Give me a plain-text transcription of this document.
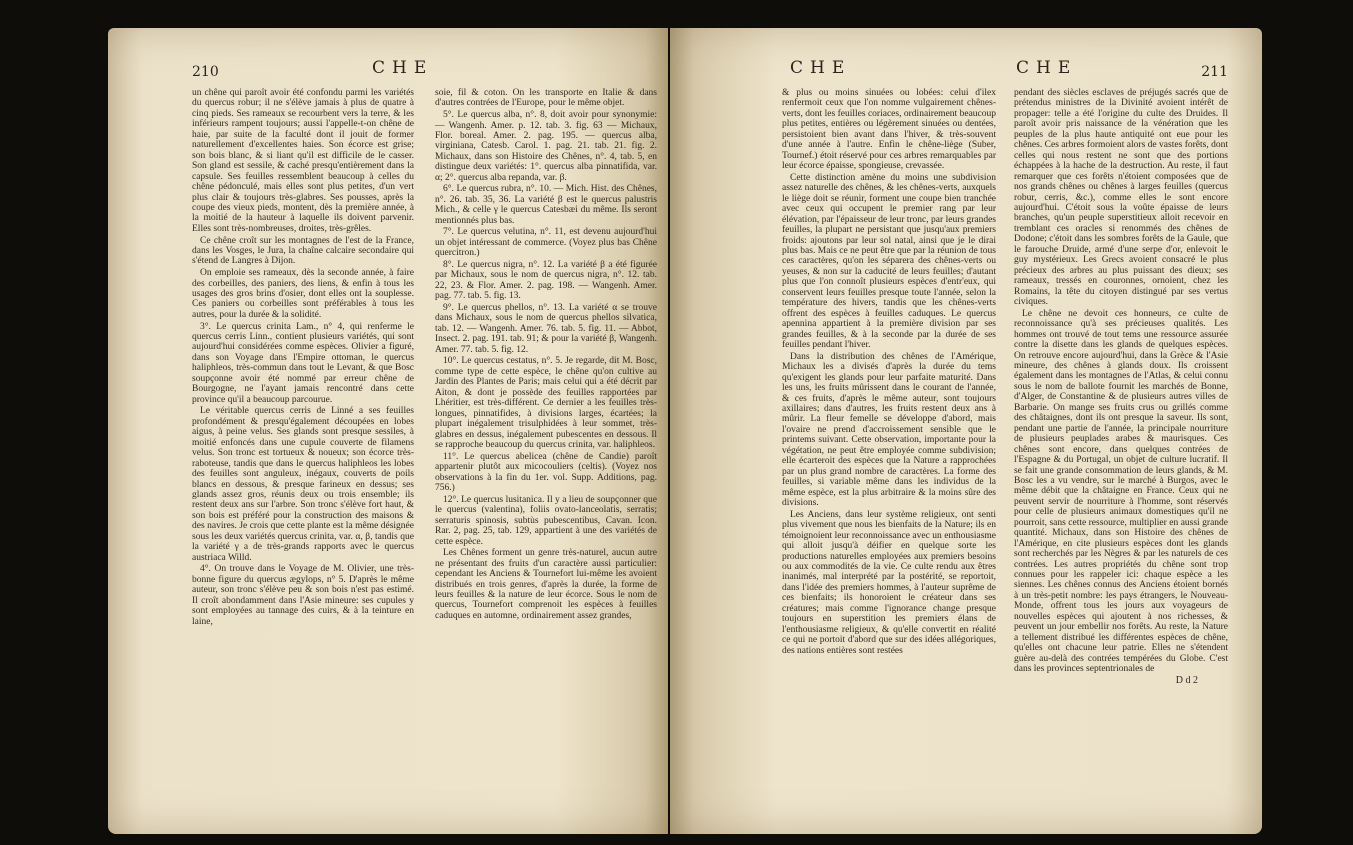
210	CHE

un chêne qui paroît avoir été confondu parmi les variétés du quercus robur; il ne s'élève jamais à plus de quatre à cinq pieds. Ses rameaux se recourbent vers la terre, & les inférieurs rampent toujours; aussi l'appelle-t-on chêne de haie, par suite de la faculté dont il jouit de former naturellement d'excellentes haies. Son écorce est grise; son bois blanc, & si liant qu'il est difficile de le casser. Son gland est sessile, & caché presqu'entièrement dans la capsule. Ses feuilles ressemblent beaucoup à celles du chêne pédonculé, mais elles sont plus petites, d'un vert plus clair & toujours très-glabres. Ses pousses, après la coupe des vieux pieds, montent, dès la première année, à la moitié de la hauteur à laquelle ils doivent parvenir. Elles sont très-nombreuses, droites, très-grêles.

Ce chêne croît sur les montagnes de l'est de la France, dans les Vosges, le Jura, la chaîne calcaire secondaire qui s'étend de Langres à Dijon.

On emploie ses rameaux, dès la seconde année, à faire des corbeilles, des paniers, des liens, & enfin à tous les usages des gros brins d'osier, dont elles ont la souplesse. Ces paniers ou corbeilles sont préférables à tous les autres, pour la durée & la solidité.

3°. Le quercus crinita Lam., n° 4, qui renferme le quercus cerris Linn., contient plusieurs variétés, qui sont aujourd'hui considérées comme espèces. Olivier a figuré, dans son Voyage dans l'Empire ottoman, le quercus haliphleos, très-commun dans tout le Levant, & que Bosc soupçonne avoir été nommé par erreur chêne de Bourgogne, ne l'ayant jamais rencontré dans cette province qu'il a beaucoup parcourue.

Le véritable quercus cerris de Linné a ses feuilles profondément & presqu'également découpées en lobes aigus, à peine velus. Ses glands sont presque sessiles, à moitié enfoncés dans une cupule couverte de filamens velus. Son tronc est tortueux & noueux; son écorce très-raboteuse, tandis que dans le quercus haliphleos les lobes des feuilles sont anguleux, inégaux, couverts de poils blancs en dessous, & presque farineux en dessus; ses glands assez gros, réunis deux ou trois ensemble; ils restent deux ans sur l'arbre. Son tronc s'élève fort haut, & son bois est préféré pour la construction des maisons & des navires. Je crois que cette plante est la même désignée sous les deux variétés quercus crinita, var. α, β, tandis que la variété γ a de très-grands rapports avec le quercus austriaca Willd.

4°. On trouve dans le Voyage de M. Olivier, une très-bonne figure du quercus ægylops, n° 5. D'après le même auteur, son tronc s'élève peu & son bois n'est pas estimé. Il croît abondamment dans l'Asie mineure: ses cupules y sont employées au tannage des cuirs, & à la teinture en laine,

soie, fil & coton. On les transporte en Italie & dans d'autres contrées de l'Europe, pour le même objet.

5°. Le quercus alba, n°. 8, doit avoir pour synonymie: — Wangenh. Amer. p. 12. tab. 3. fig. 63 — Michaux, Flor. boreal. Amer. 2. pag. 195. — quercus alba, virginiana, Catesb. Carol. 1. pag. 21. tab. 21. fig. 2. Michaux, dans son Histoire des Chênes, n°. 4, tab. 5, en distingue deux variétés: 1°. quercus alba pinnatifida, var. α; 2°. quercus alba repanda, var. β.

6°. Le quercus rubra, n°. 10. — Mich. Hist. des Chênes, n°. 26. tab. 35, 36. La variété β est le quercus palustris Mich., & celle γ le quercus Catesbæi du même. Ils seront mentionnés plus bas.

7°. Le quercus velutina, n°. 11, est devenu aujourd'hui un objet intéressant de commerce. (Voyez plus bas Chêne quercitron.)

8°. Le quercus nigra, n°. 12. La variété β a été figurée par Michaux, sous le nom de quercus nigra, n°. 12. tab. 22, 23. & Flor. Amer. 2. pag. 198. — Wangenh. Amer. pag. 77. tab. 5. fig. 13.

9°. Le quercus phellos, n°. 13. La variété α se trouve dans Michaux, sous le nom de quercus phellos silvatica, tab. 12. — Wangenh. Amer. 76. tab. 5. fig. 11. — Abbot, Insect. 2. pag. 191. tab. 91; & pour la variété β, Wangenh. Amer. 77. tab. 5. fig. 12.

10°. Le quercus cestatus, n°. 5. Je regarde, dit M. Bosc, comme type de cette espèce, le chêne qu'on cultive au Jardin des Plantes de Paris; mais celui qui a été décrit par Aiton, & dont je possède des feuilles rapportées par Lhéritier, est très-différent. Ce dernier a les feuilles très-longues, pinnatifides, à divisions larges, écartées; la plupart inégalement trisulphidées à leur sommet, très-glabres en dessus, inégalement pubescentes en dessous. Il se rapproche beaucoup du quercus crinita, var. haliphleos.

11°. Le quercus abelicea (chêne de Candie) paroît appartenir plutôt aux micocouliers (celtis). (Voyez nos observations à la fin du 1er. vol. Supp. Additions, pag. 756.)

12°. Le quercus lusitanica. Il y a lieu de soupçonner que le quercus (valentina), foliis ovato-lanceolatis, serratis; serraturis spinosis, subtùs pubescentibus, Cavan. Icon. Rar. 2, pag. 25, tab. 129, appartient à une des variétés de cette espèce.

Les Chênes forment un genre très-naturel, aucun autre ne présentant des fruits d'un caractère aussi particulier: cependant les Anciens & Tournefort lui-même les avoient distribués en trois genres, d'après la durée, la forme de leurs feuilles & la nature de leur écorce. Sous le nom de quercus, Tournefort comprenoit les espèces à feuilles caduques en automne, ordinairement assez grandes,

CHE	CHE	211

& plus ou moins sinuées ou lobées: celui d'ilex renfermoit ceux que l'on nomme vulgairement chênes-verts, dont les feuilles coriaces, ordinairement beaucoup plus petites, entières ou légèrement sinuées ou dentées, persistoient bien avant dans l'hiver, & très-souvent d'une année à l'autre. Enfin le chêne-liège (Suber, Tournef.) étoit réservé pour ces arbres remarquables par leur écorce épaisse, spongieuse, crevassée.

Cette distinction amène du moins une subdivision assez naturelle des chênes, & les chênes-verts, auxquels le liège doit se réunir, forment une coupe bien tranchée avec ceux qui occupent le premier rang par leur élévation, par l'épaisseur de leur tronc, par leurs grandes feuilles, la plupart ne persistant que jusqu'aux premiers froids: ajoutons par leur sol natal, ainsi que je le dirai plus bas. Mais ce ne peut être que par la réunion de tous ces caractères, qu'on les séparera des chênes-verts ou yeuses, & non sur la caducité de leurs feuilles; d'autant plus que l'on connoît plusieurs espèces d'entr'eux, qui conservent leurs feuilles presque toute l'année, selon la température des hivers, tandis que les chênes-verts offrent des espèces à feuilles caduques. Le quercus apennina appartient à la première division par ses grandes feuilles, & à la seconde par la durée de ses feuilles pendant l'hiver.

Dans la distribution des chênes de l'Amérique, Michaux les a divisés d'après la durée du tems qu'exigent les glands pour leur parfaite maturité. Dans les uns, les fruits mûrissent dans le courant de l'année, & ces fruits, d'après le même auteur, sont toujours axillaires; dans d'autres, les fruits restent deux ans à mûrir. La fleur femelle se développe d'abord, mais l'ovaire ne prend d'accroissement sensible que le printems suivant. Cette observation, importante pour la végétation, ne peut être employée comme subdivision; elle écarteroit des espèces que la Nature a rapprochées par un plus grand nombre de caractères. La forme des feuilles, si variable même dans les individus de la même espèce, est la plus arbitraire & la moins sûre des divisions.

Les Anciens, dans leur système religieux, ont senti plus vivement que nous les bienfaits de la Nature; ils en témoignoient leur reconnoissance avec un enthousiasme qui alloit jusqu'à déifier en quelque sorte les productions naturelles employées aux premiers besoins ou aux commodités de la vie. Ce culte rendu aux êtres inanimés, mal interprété par la postérité, se reportoit, dans l'idée des premiers hommes, à l'auteur suprême de ces bienfaits; ils honoroient le créateur dans ses créatures; mais comme l'ignorance change presque toujours en superstition les premiers élans de l'enthousiasme religieux, & qu'elle convertit en réalité ce qui ne portoit d'abord que sur des idées allégoriques, des nations entières sont restées

pendant des siècles esclaves de préjugés sacrés que de prétendus ministres de la Divinité avoient intérêt de propager: telle a été l'origine du culte des Druides. Il paroît avoir pris naissance de la vénération que les peuples de la plus haute antiquité ont eue pour les chênes. Ces arbres formoient alors de vastes forêts, dont celles qui nous restent ne sont que des portions échappées à la hache de la destruction. Au reste, il faut remarquer que ces forêts n'étoient composées que de nos grands chênes ou chênes à larges feuilles (quercus robur, cerris, &c.), comme elles le sont encore aujourd'hui. C'étoit sous la voûte épaisse de leurs branches, qu'un peuple superstitieux alloit recevoir en tremblant ces oracles si renommés des chênes de Dodone; c'étoit dans les sombres forêts de la Gaule, que le farouche Druide, armé d'une serpe d'or, enlevoit le guy mystérieux. Les Grecs avoient consacré le plus précieux des arbres au plus puissant des dieux; ses rameaux, tressés en couronnes, ornoient, chez les Romains, la tête du citoyen distingué par ses vertus civiques.

Le chêne ne devoit ces honneurs, ce culte de reconnoissance qu'à ses précieuses qualités. Les hommes ont trouvé de tout tems une ressource assurée contre la disette dans les glands de quelques espèces. On retrouve encore aujourd'hui, dans la Grèce & l'Asie mineure, des chênes à glands doux. Ils croissent également dans les montagnes de l'Atlas, & celui connu sous le nom de ballote fournit les marchés de Bonne, d'Alger, de Constantine & de plusieurs autres villes de Barbarie. On mange ses fruits crus ou grillés comme des châtaignes, dont ils ont presque la saveur. Ils sont, pendant une partie de l'année, la principale nourriture de plusieurs peuplades arabes & maurisques. Ces chênes sont encore, dans quelques contrées de l'Espagne & du Portugal, un objet de culture lucratif. Il se fait une grande consommation de leurs glands, & M. Bosc les a vu vendre, sur le marché à Burgos, avec le même débit que la châtaigne en France. Ceux qui ne peuvent servir de nourriture à l'homme, sont réservés pour celle de plusieurs animaux domestiques qu'il ne pourroit, sans cette ressource, multiplier en aussi grande quantité. Michaux, dans son Histoire des chênes de l'Amérique, en cite plusieurs espèces dont les glands sont recherchés par les Nègres & par les naturels de ces contrées. Les autres propriétés du chêne sont trop connues pour les rappeler ici: chaque espèce a les siennes. Les chênes connus des Anciens étoient bornés à un très-petit nombre: les pays étrangers, le Nouveau-Monde, offrent tous les jours aux voyageurs de nouvelles espèces qui ajoutent à nos richesses, & peuvent un jour embellir nos forêts. Au reste, la Nature a tellement distribué les différentes espèces de chêne, qu'elles ont chacune leur patrie. Elles ne s'étendent guère au-delà des contrées tempérées du Globe. C'est dans les provinces septentrionales de

D d 2
